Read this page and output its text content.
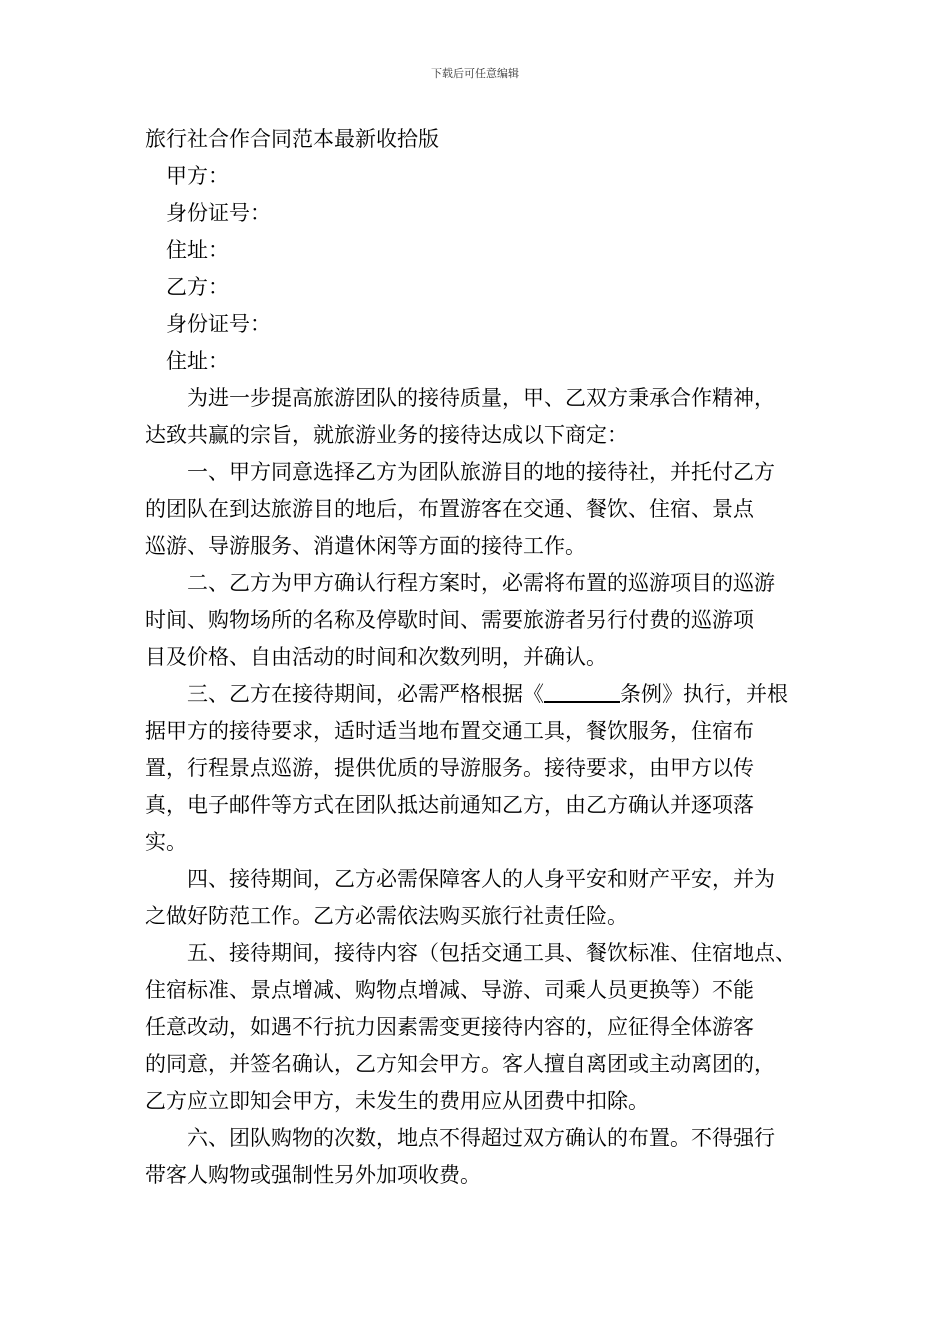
下载后可任意编辑
旅行社合作合同范本最新收拾版

甲方：

身份证号：

住址：

乙方：

身份证号：

住址：

为进一步提高旅游团队的接待质量，甲、乙双方秉承合作精神，
达致共赢的宗旨，就旅游业务的接待达成以下商定：
一、甲方同意选择乙方为团队旅游目的地的接待社，并托付乙方
的团队在到达旅游目的地后，布置游客在交通、餐饮、住宿、景点
巡游、导游服务、消遣休闲等方面的接待工作。
二、乙方为甲方确认行程方案时，必需将布置的巡游项目的巡游
时间、购物场所的名称及停歇时间、需要旅游者另行付费的巡游项
目及价格、自由活动的时间和次数列明，并确认。
三、乙方在接待期间，必需严格根据《	条例》执行，并根
据甲方的接待要求，适时适当地布置交通工具，餐饮服务，住宿布
置，行程景点巡游，提供优质的导游服务。接待要求，由甲方以传
真，电子邮件等方式在团队抵达前通知乙方，由乙方确认并逐项落
实。
四、接待期间，乙方必需保障客人的人身平安和财产平安，并为
之做好防范工作。乙方必需依法购买旅行社责任险。
五、接待期间，接待内容（包括交通工具、餐饮标准、住宿地点、
住宿标准、景点增减、购物点增减、导游、司乘人员更换等）不能
任意改动，如遇不行抗力因素需变更接待内容的，应征得全体游客
的同意，并签名确认，乙方知会甲方。客人擅自离团或主动离团的，
乙方应立即知会甲方，未发生的费用应从团费中扣除。
六、团队购物的次数，地点不得超过双方确认的布置。不得强行
带客人购物或强制性另外加项收费。
